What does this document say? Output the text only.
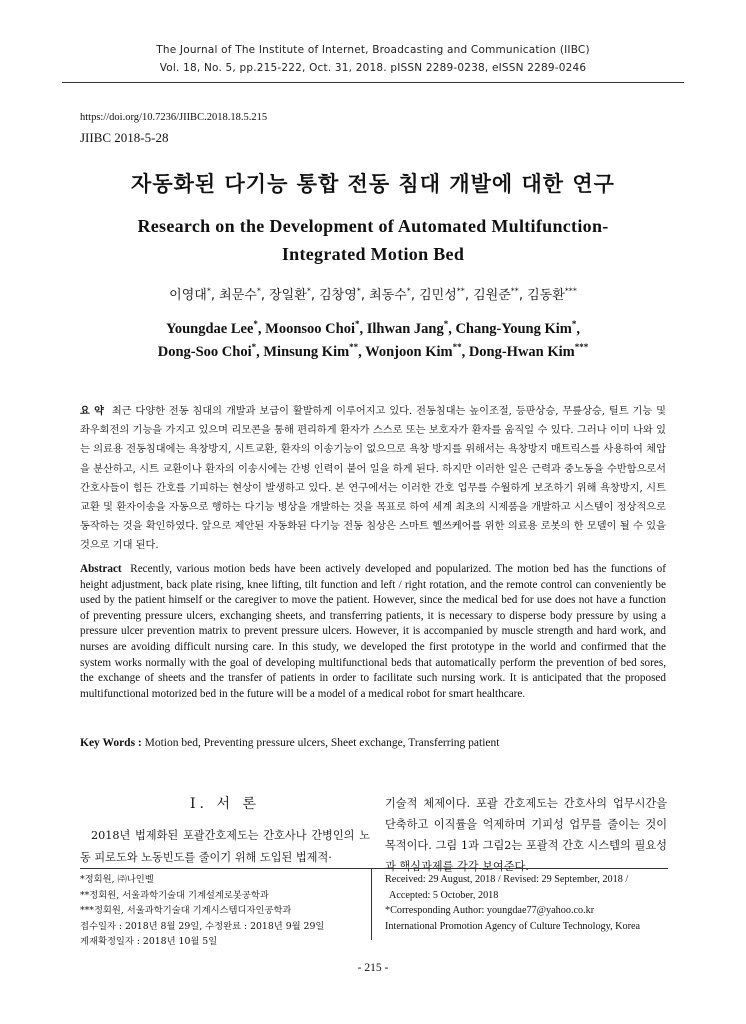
The Journal of The Institute of Internet, Broadcasting and Communication (IIBC)
Vol. 18, No. 5, pp.215-222, Oct. 31, 2018. pISSN 2289-0238, eISSN 2289-0246
https://doi.org/10.7236/JIIBC.2018.18.5.215
JIIBC 2018-5-28
자동화된 다기능 통합 전동 침대 개발에 대한 연구
Research on the Development of Automated Multifunction-
Integrated Motion Bed
이영대*, 최문수*, 장일환*, 김창영*, 최동수*, 김민성**, 김원준**, 김동환***
Youngdae Lee*, Moonsoo Choi*, Ilhwan Jang*, Chang-Young Kim*,
Dong-Soo Choi*, Minsung Kim**, Wonjoon Kim**, Dong-Hwan Kim***
요 약 최근 다양한 전동 침대의 개발과 보급이 활발하게 이루어지고 있다. 전동침대는 높이조절, 등판상승, 무릎상승, 틸트 기능 및 좌우회전의 기능을 가지고 있으며 리모콘을 통해 편리하게 환자가 스스로 또는 보호자가 환자를 움직일 수 있다. 그러나 이미 나와 있는 의료용 전동침대에는 욕창방지, 시트교환, 환자의 이송기능이 없으므로 욕창 방지를 위해서는 욕창방지 매트릭스를 사용하여 체압을 분산하고, 시트 교환이나 환자의 이송시에는 간병 인력이 붙어 일을 하게 된다. 하지만 이러한 일은 근력과 중노동을 수반함으로서 간호사들이 힘든 간호를 기피하는 현상이 발생하고 있다. 본 연구에서는 이러한 간호 업무를 수월하게 보조하기 위해 욕창방지, 시트교환 및 환자이송을 자동으로 행하는 다기능 병상을 개발하는 것을 목표로 하여 세계 최초의 시제품을 개발하고 시스템이 정상적으로 동작하는 것을 확인하였다. 앞으로 제안된 자동화된 다기능 전동 침상은 스마트 헬쓰케어를 위한 의료용 로봇의 한 모델이 될 수 있을 것으로 기대 된다.
Abstract Recently, various motion beds have been actively developed and popularized. The motion bed has the functions of height adjustment, back plate rising, knee lifting, tilt function and left / right rotation, and the remote control can conveniently be used by the patient himself or the caregiver to move the patient. However, since the medical bed for use does not have a function of preventing pressure ulcers, exchanging sheets, and transferring patients, it is necessary to disperse body pressure by using a pressure ulcer prevention matrix to prevent pressure ulcers. However, it is accompanied by muscle strength and hard work, and nurses are avoiding difficult nursing care. In this study, we developed the first prototype in the world and confirmed that the system works normally with the goal of developing multifunctional beds that automatically perform the prevention of bed sores, the exchange of sheets and the transfer of patients in order to facilitate such nursing work. It is anticipated that the proposed multifunctional motorized bed in the future will be a model of a medical robot for smart healthcare.
Key Words : Motion bed, Preventing pressure ulcers, Sheet exchange, Transferring patient
Ⅰ. 서 론
2018년 법제화된 포괄간호제도는 간호사나 간병인의 노동 피로도와 노동빈도를 줄이기 위해 도입된 법제적·
기술적 체제이다. 포괄 간호제도는 간호사의 업무시간을 단축하고 이직률을 억제하며 기피성 업무를 줄이는 것이 목적이다. 그림 1과 그림2는 포괄적 간호 시스템의 필요성과 핵심과제를 각각 보여준다.
*정회원, ㈜나인벨
**정회원, 서울과학기술대 기계설계로봇공학과
***정회원, 서울과학기술대 기계시스템디자인공학과
접수일자 : 2018년 8월 29일, 수정완료 : 2018년 9월 29일
게재확정일자 : 2018년 10월 5일
Received: 29 August, 2018 / Revised: 29 September, 2018 /
Accepted: 5 October, 2018
*Corresponding Author: youngdae77@yahoo.co.kr
International Promotion Agency of Culture Technology, Korea
- 215 -
